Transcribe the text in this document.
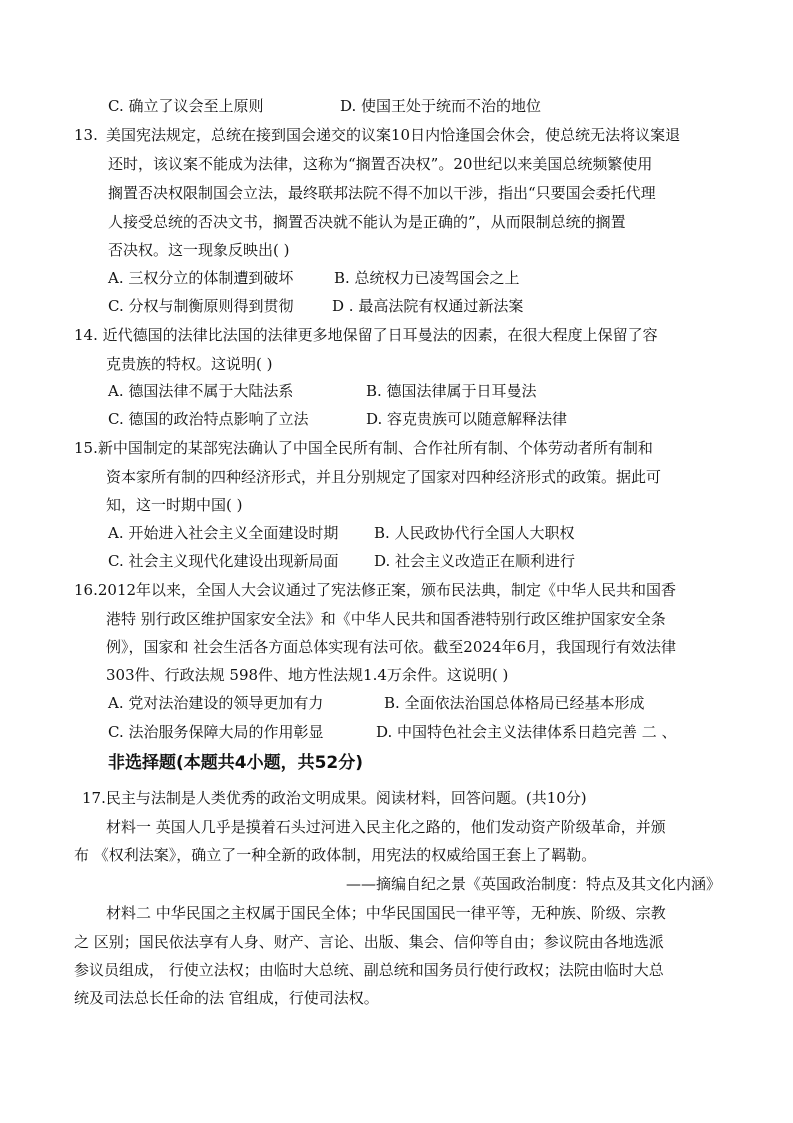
C. 确立了议会至上原则	D. 使国王处于统而不治的地位
13. 美国宪法规定，总统在接到国会递交的议案10日内恰逢国会休会，使总统无法将议案退
还时，该议案不能成为法律，这称为“搁置否决权”。20世纪以来美国总统频繁使用
搁置否决权限制国会立法，最终联邦法院不得不加以干涉，指出“只要国会委托代理
人接受总统的否决文书，搁置否决就不能认为是正确的”，从而限制总统的搁置
否决权。这一现象反映出( )
A. 三权分立的体制遭到破坏	B. 总统权力已凌驾国会之上
C. 分权与制衡原则得到贯彻	D . 最高法院有权通过新法案
14. 近代德国的法律比法国的法律更多地保留了日耳曼法的因素，在很大程度上保留了容
克贵族的特权。这说明( )
A. 德国法律不属于大陆法系	B. 德国法律属于日耳曼法
C. 德国的政治特点影响了立法	D. 容克贵族可以随意解释法律
15.新中国制定的某部宪法确认了中国全民所有制、合作社所有制、个体劳动者所有制和
资本家所有制的四种经济形式，并且分别规定了国家对四种经济形式的政策。据此可
知，这一时期中国( )
A. 开始进入社会主义全面建设时期 B. 人民政协代行全国人大职权
C. 社会主义现代化建设出现新局面 D. 社会主义改造正在顺利进行
16.2012年以来，全国人大会议通过了宪法修正案，颁布民法典，制定《中华人民共和国香
港特 别行政区维护国家安全法》和《中华人民共和国香港特别行政区维护国家安全条
例》，国家和 社会生活各方面总体实现有法可依。截至2024年6月，我国现行有效法律
303件、行政法规 598件、地方性法规1.4万余件。这说明( )
A. 党对法治建设的领导更加有力	B. 全面依法治国总体格局已经基本形成
C. 法治服务保障大局的作用彰显	D. 中国特色社会主义法律体系日趋完善 二 、
非选择题(本题共4小题，共52分)
17.民主与法制是人类优秀的政治文明成果。阅读材料，回答问题。(共10分)
材料一 英国人几乎是摸着石头过河进入民主化之路的，他们发动资产阶级革命，并颁
布 《权利法案》，确立了一种全新的政体制，用宪法的权威给国王套上了羁勒。
——摘编自纪之景《英国政治制度：特点及其文化内涵》
材料二 中华民国之主权属于国民全体；中华民国国民一律平等，无种族、阶级、宗教
之 区别；国民依法享有人身、财产、言论、出版、集会、信仰等自由；参议院由各地选派
参议员组成， 行使立法权；由临时大总统、副总统和国务员行使行政权；法院由临时大总
统及司法总长任命的法 官组成，行使司法权。
